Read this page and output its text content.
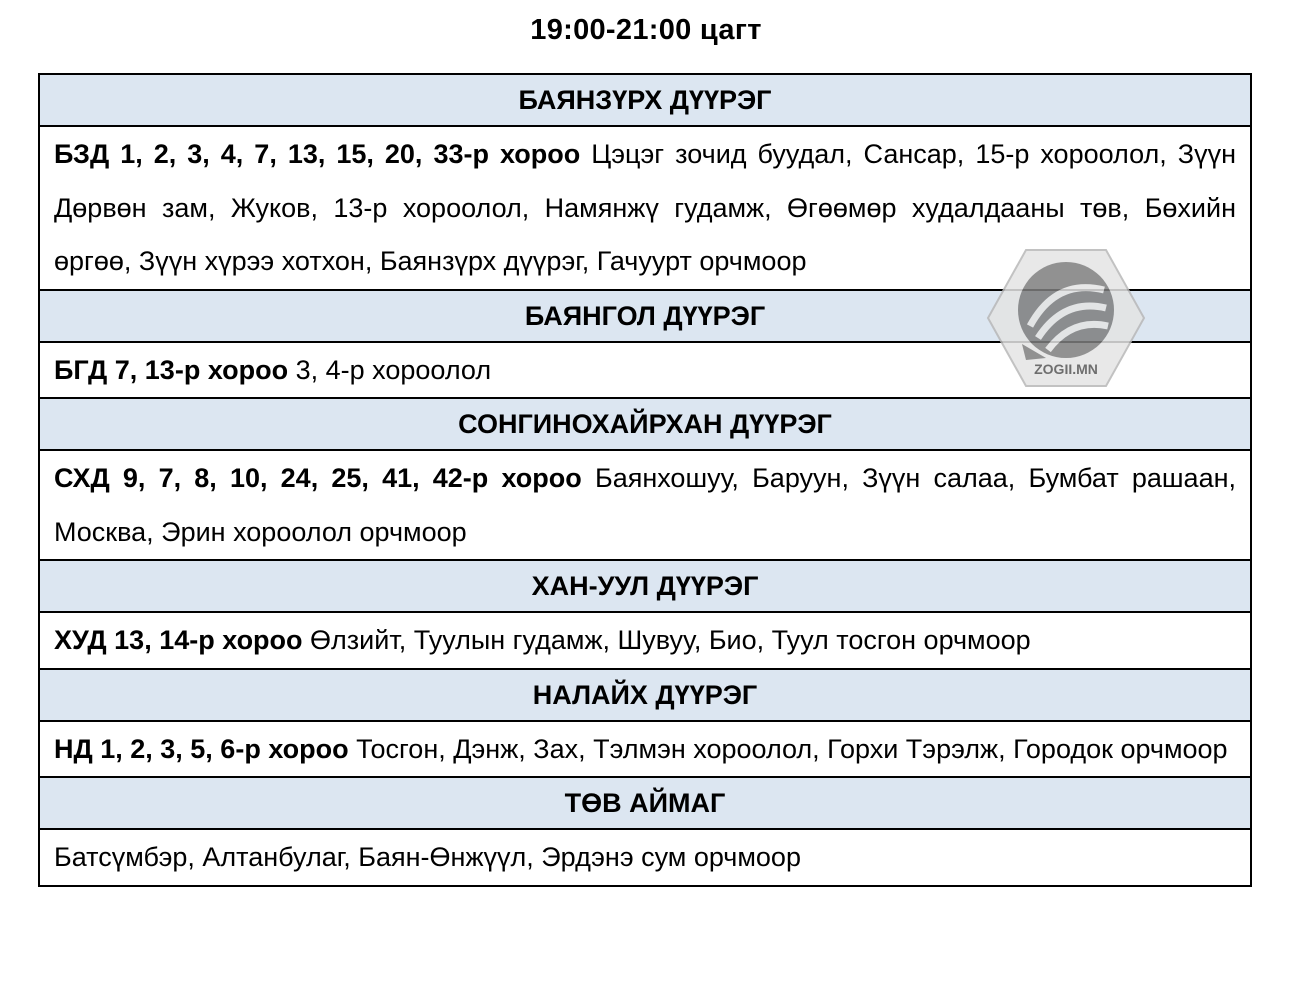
19:00-21:00 цагт
БАЯНЗҮРХ ДҮҮРЭГ
БЗД 1, 2, 3, 4, 7, 13, 15, 20, 33-р хороо Цэцэг зочид буудал, Сансар, 15-р хороолол, Зүүн Дөрвөн зам, Жуков, 13-р хороолол, Намянжү гудамж, Өгөөмөр худалдааны төв, Бөхийн өргөө, Зүүн хүрээ хотхон, Баянзүрх дүүрэг, Гачуурт орчмоор
БАЯНГОЛ ДҮҮРЭГ
БГД 7, 13-р хороо 3, 4-р хороолол
СОНГИНОХАЙРХАН ДҮҮРЭГ
СХД 9, 7, 8, 10, 24, 25, 41, 42-р хороо Баянхошуу, Баруун, Зүүн салаа, Бумбат рашаан, Москва, Эрин хороолол орчмоор
ХАН-УУЛ ДҮҮРЭГ
ХУД 13, 14-р хороо Өлзийт, Туулын гудамж, Шувуу, Био, Туул тосгон орчмоор
НАЛАЙХ ДҮҮРЭГ
НД 1, 2, 3, 5, 6-р хороо Тосгон, Дэнж, Зах, Тэлмэн хороолол, Горхи Тэрэлж, Городок орчмоор
ТӨВ АЙМАГ
Батсүмбэр, Алтанбулаг, Баян-Өнжүүл, Эрдэнэ сум орчмоор
ZOGII.MN
